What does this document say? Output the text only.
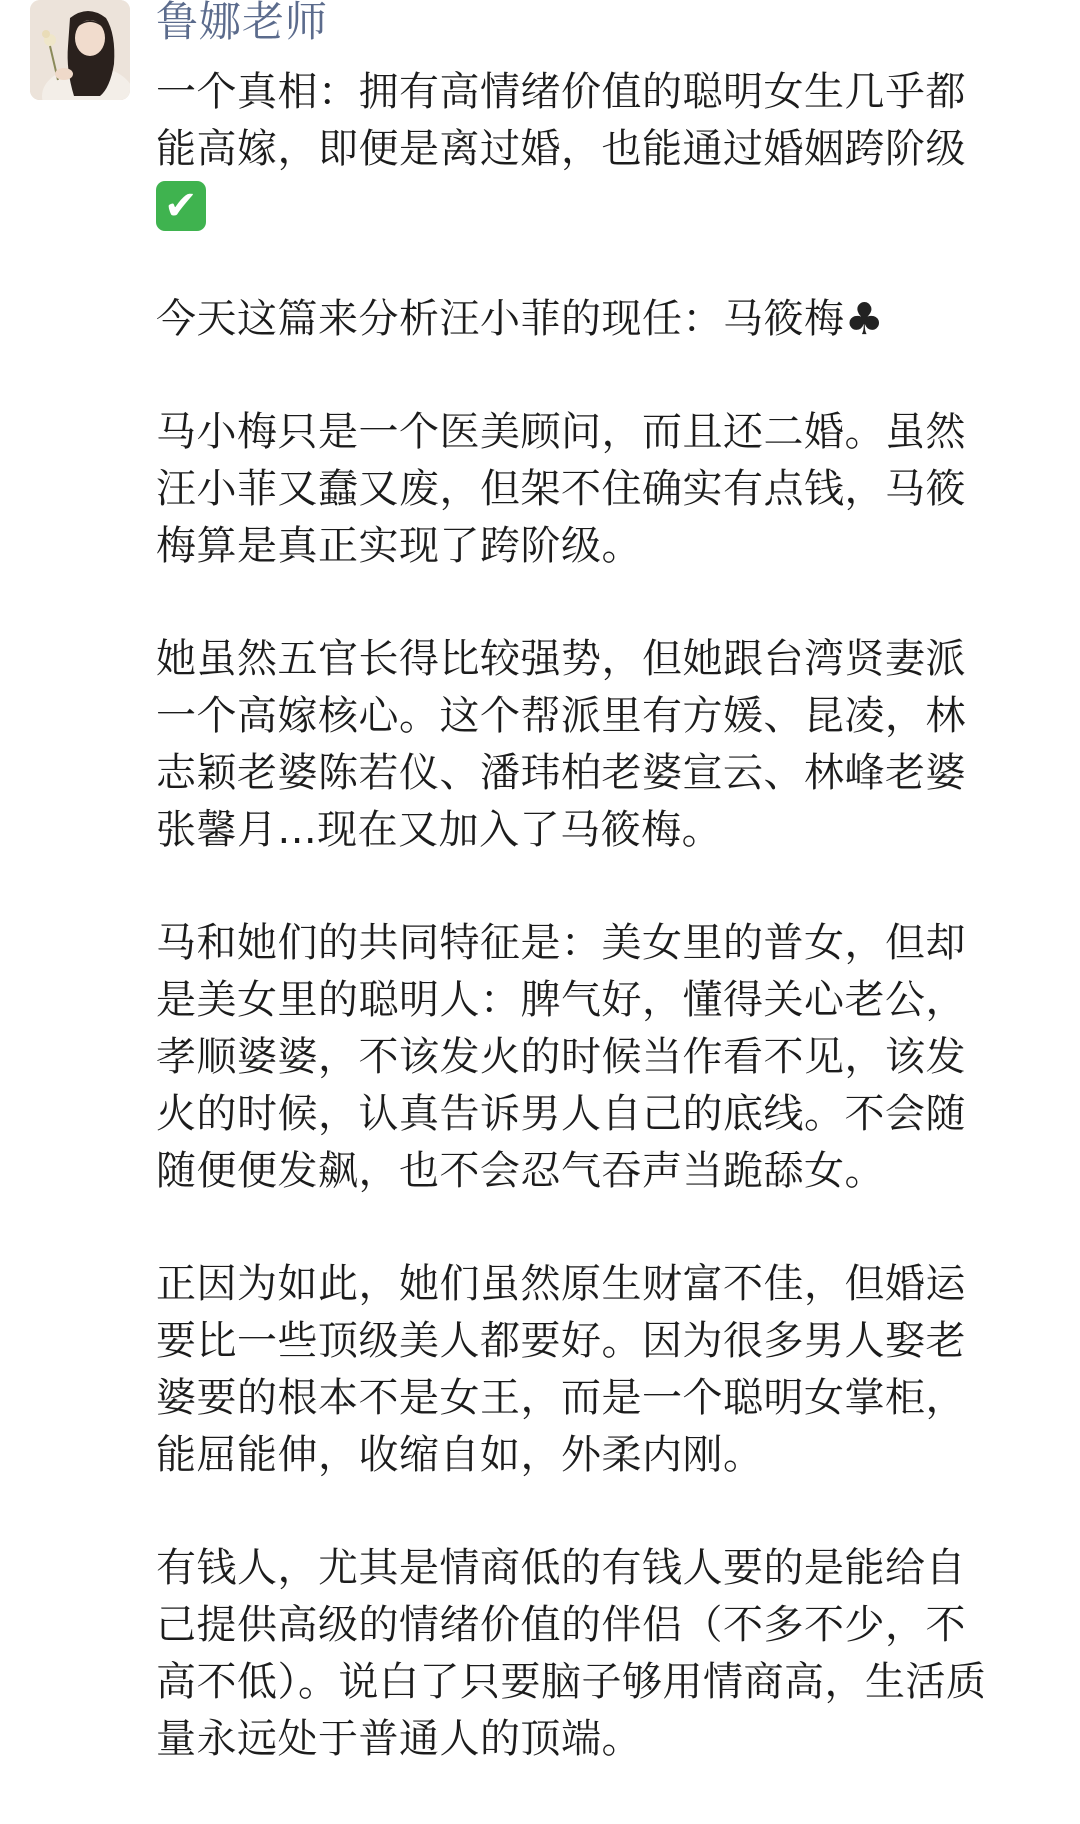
鲁娜老师
一个真相：拥有高情绪价值的聪明女生几乎都
能高嫁，即便是离过婚，也能通过婚姻跨阶级
✔
今天这篇来分析汪小菲的现任：马筱梅♣
马小梅只是一个医美顾问，而且还二婚。虽然
汪小菲又蠢又废，但架不住确实有点钱，马筱
梅算是真正实现了跨阶级。
她虽然五官长得比较强势，但她跟台湾贤妻派
一个高嫁核心。这个帮派里有方媛、昆凌，林
志颖老婆陈若仪、潘玮柏老婆宣云、林峰老婆
张馨月...现在又加入了马筱梅。
马和她们的共同特征是：美女里的普女，但却
是美女里的聪明人：脾气好，懂得关心老公，
孝顺婆婆，不该发火的时候当作看不见，该发
火的时候，认真告诉男人自己的底线。不会随
随便便发飙，也不会忍气吞声当跪舔女。
正因为如此，她们虽然原生财富不佳，但婚运
要比一些顶级美人都要好。因为很多男人娶老
婆要的根本不是女王，而是一个聪明女掌柜，
能屈能伸，收缩自如，外柔内刚。
有钱人，尤其是情商低的有钱人要的是能给自
己提供高级的情绪价值的伴侣（不多不少，不
高不低）。说白了只要脑子够用情商高，生活质
量永远处于普通人的顶端。
